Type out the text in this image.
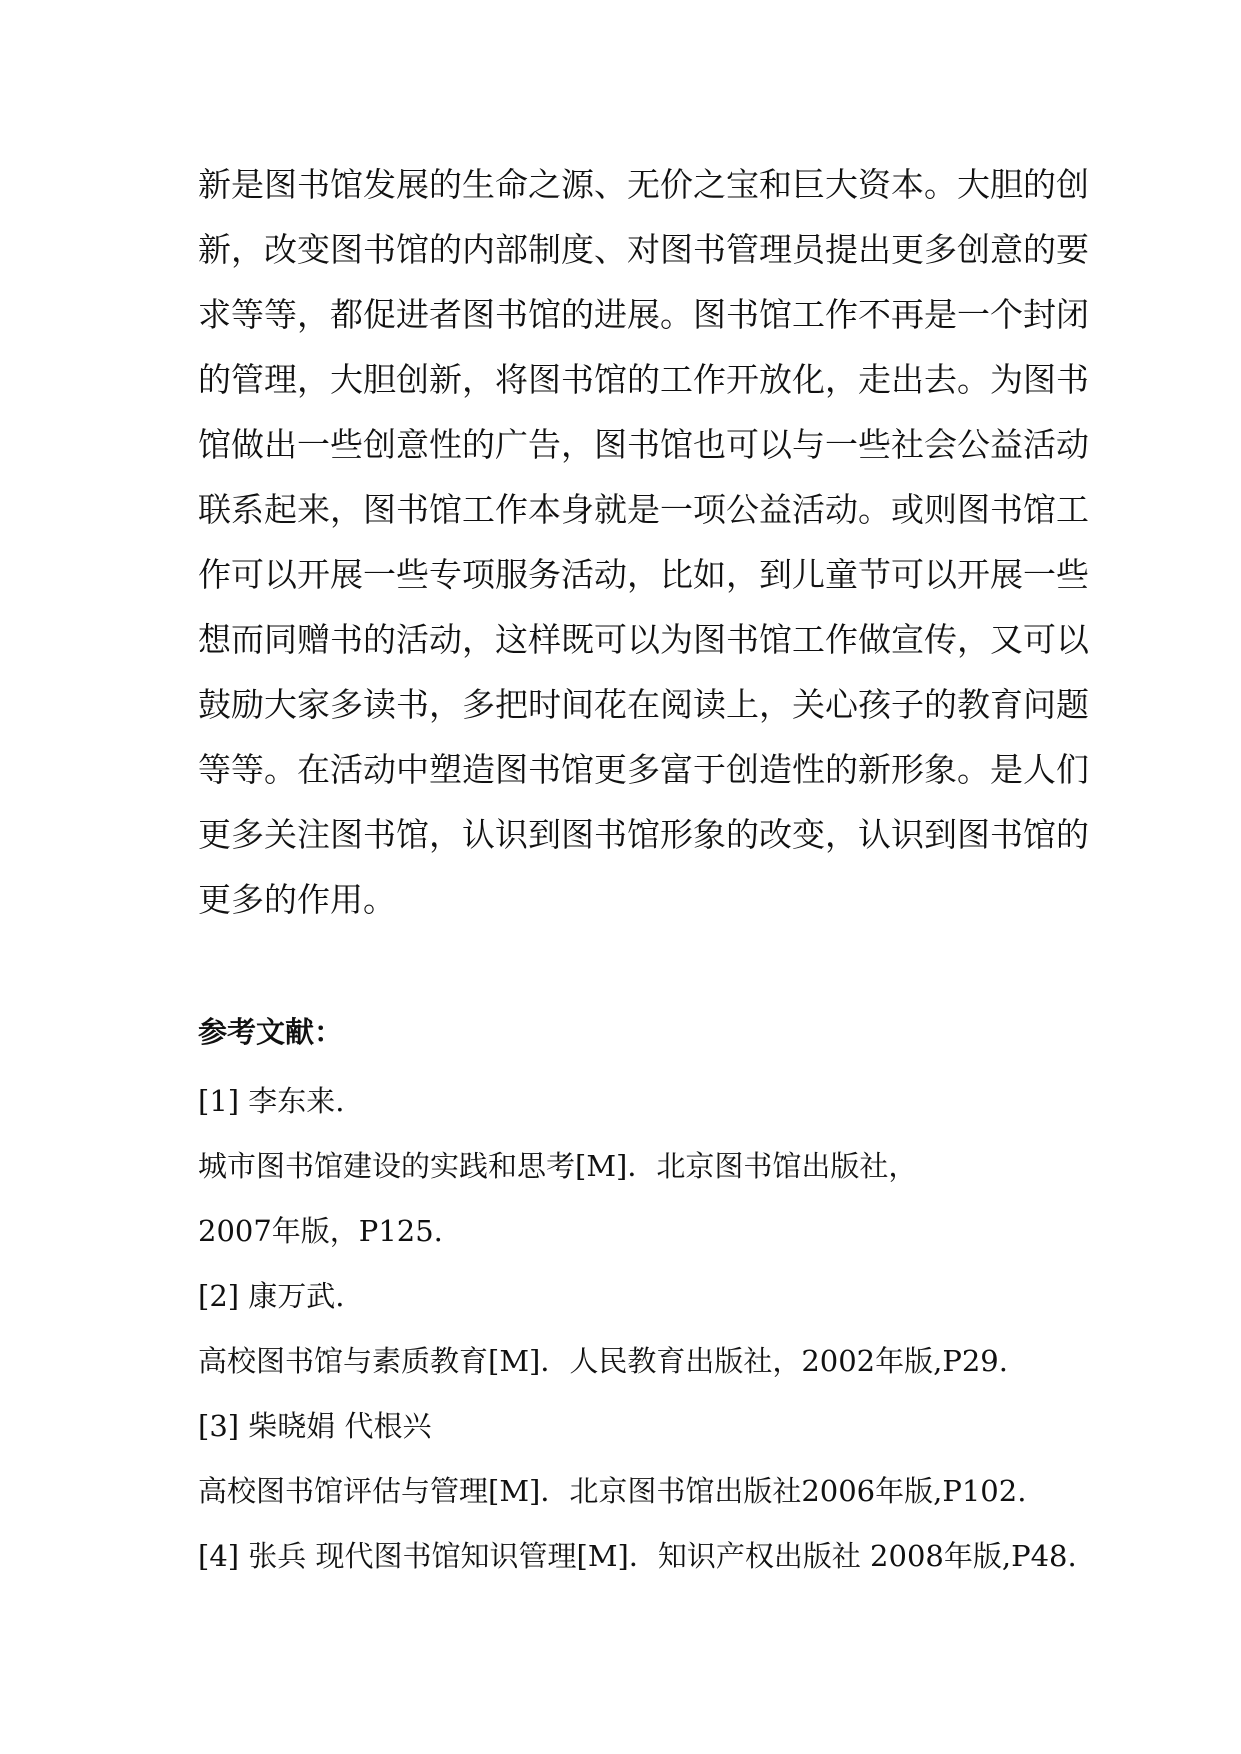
新是图书馆发展的生命之源、无价之宝和巨大资本。大胆的创
新，改变图书馆的内部制度、对图书管理员提出更多创意的要
求等等，都促进者图书馆的进展。图书馆工作不再是一个封闭
的管理，大胆创新，将图书馆的工作开放化，走出去。为图书
馆做出一些创意性的广告，图书馆也可以与一些社会公益活动
联系起来，图书馆工作本身就是一项公益活动。或则图书馆工
作可以开展一些专项服务活动，比如，到儿童节可以开展一些
想而同赠书的活动，这样既可以为图书馆工作做宣传，又可以
鼓励大家多读书，多把时间花在阅读上，关心孩子的教育问题
等等。在活动中塑造图书馆更多富于创造性的新形象。是人们
更多关注图书馆，认识到图书馆形象的改变，认识到图书馆的
更多的作用。
参考文献：
[1] 李东来.
城市图书馆建设的实践和思考[M]．北京图书馆出版社，
2007年版，P125.
[2] 康万武.
高校图书馆与素质教育[M]．人民教育出版社，2002年版,P29.
[3] 柴晓娟 代根兴
高校图书馆评估与管理[M]．北京图书馆出版社2006年版,P102.
[4] 张兵 现代图书馆知识管理[M]．知识产权出版社 2008年版,P48.
